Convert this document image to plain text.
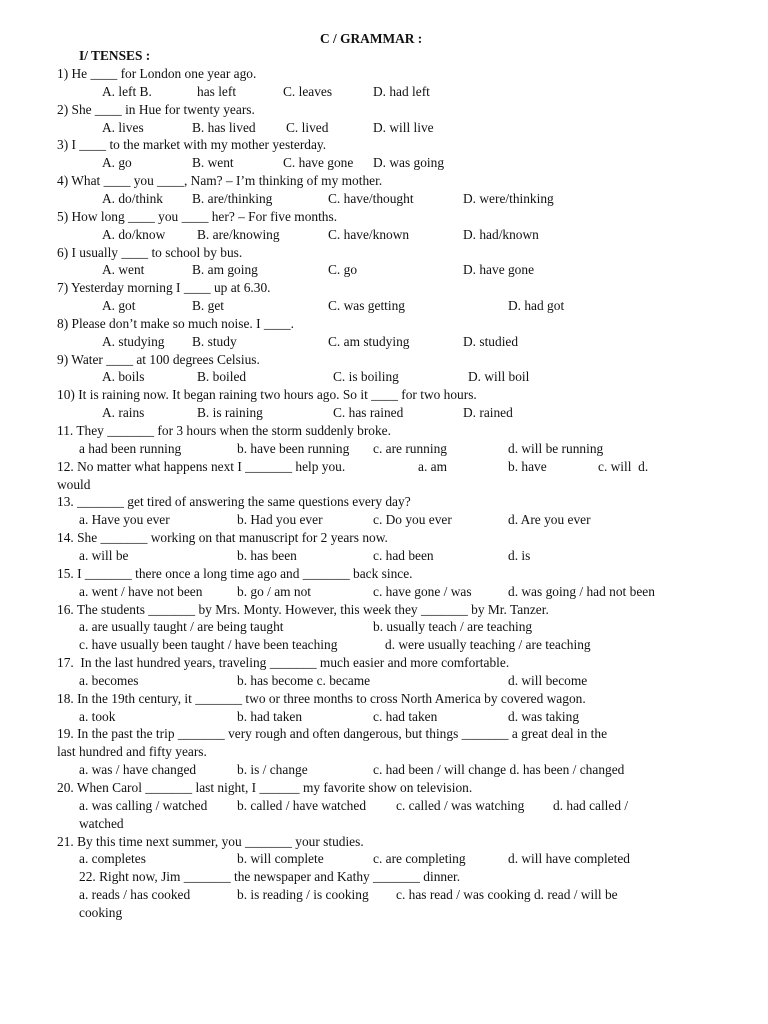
C / GRAMMAR :
I/ TENSES :
1) He ____ for London one year ago.
A. left B.	has left	C. leaves	D. had left
2) She ____ in Hue for twenty years.
A. lives	B. has lived C. lived	D. will live
3) I ____ to the market with my mother yesterday.
A. go	B. went	C. have gone D. was going
4) What ____ you ____, Nam? – I’m thinking of my mother.
A. do/think B. are/thinking	C. have/thought	D. were/thinking
5) How long ____ you ____ her? – For five months.
A. do/know B. are/knowing	C. have/known	D. had/known
6) I usually ____ to school by bus.
A. went	B. am going	C. go	D. have gone
7) Yesterday morning I ____ up at 6.30.
A. got	B. get	C. was getting	D. had got
8) Please don’t make so much noise. I ____.
A. studying B. study	C. am studying	D. studied
9) Water ____ at 100 degrees Celsius.
A. boils	B. boiled	C. is boiling	D. will boil
10) It is raining now. It began raining two hours ago. So it ____ for two hours.
A. rains	B. is raining	C. has rained	D. rained
11. They _______ for 3 hours when the storm suddenly broke.
a had been running	b. have been running c. are running	d. will be running
12. No matter what happens next I _______ help you.	a. am	b. have	c. will  d.
would
13. _______ get tired of answering the same questions every day?
a. Have you ever	b. Had you ever	c. Do you ever	d. Are you ever
14. She _______ working on that manuscript for 2 years now.
a. will be	b. has been	c. had been	d. is
15. I _______ there once a long time ago and _______ back since.
a. went / have not been	b. go / am not	c. have gone / was	d. was going / had not been
16. The students _______ by Mrs. Monty. However, this week they _______ by Mr. Tanzer.
a. are usually taught / are being taught	b. usually teach / are teaching
c. have usually been taught / have been teaching	d. were usually teaching / are teaching
17.  In the last hundred years, traveling _______ much easier and more comfortable.
a. becomes	b. has become c. became	d. will become
18. In the 19th century, it _______ two or three months to cross North America by covered wagon.
a. took	b. had taken	c. had taken	d. was taking
19. In the past the trip _______ very rough and often dangerous, but things _______ a great deal in the
last hundred and fifty years.
a. was / have changed	b. is / change	c. had been / will change d. has been / changed
20. When Carol _______ last night, I ______ my favorite show on television.
a. was calling / watched b. called / have watched c. called / was watching d. had called /
watched
21. By this time next summer, you _______ your studies.
a. completes	b. will complete	c. are completing	d. will have completed
22. Right now, Jim _______ the newspaper and Kathy _______ dinner.
a. reads / has cooked	b. is reading / is cooking c. has read / was cooking d. read / will be
cooking
